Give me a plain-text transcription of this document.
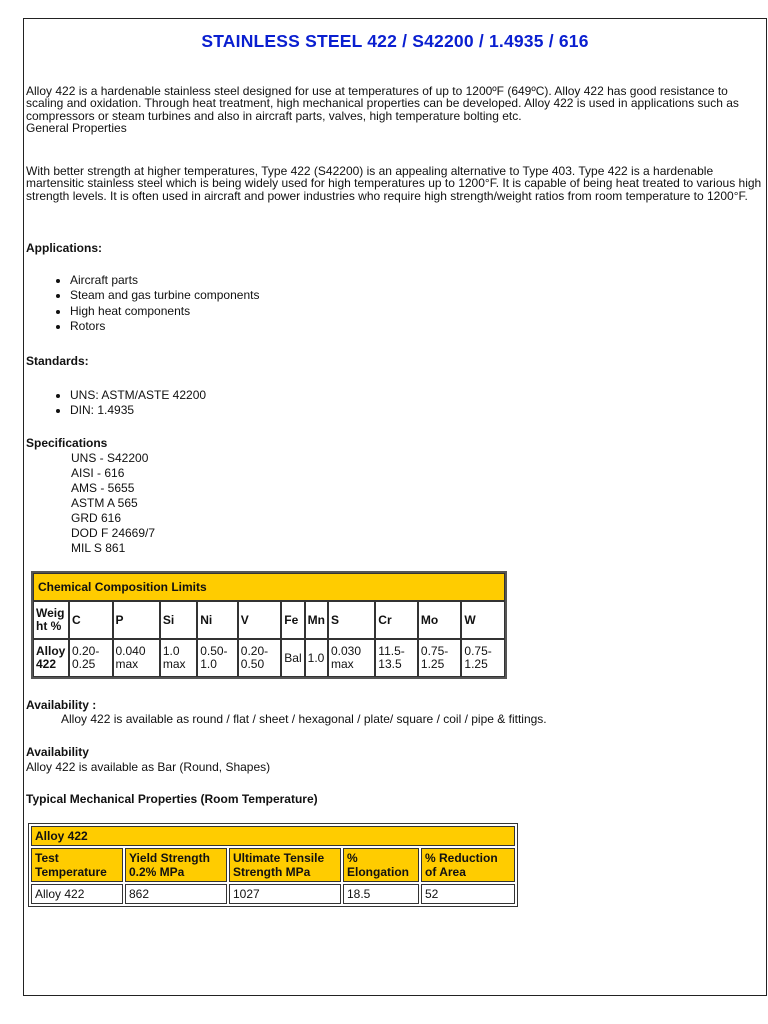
STAINLESS STEEL 422 / S42200 / 1.4935 / 616

Alloy 422 is a hardenable stainless steel designed for use at temperatures of up to 1200ºF (649ºC). Alloy 422 has good resistance to scaling and oxidation. Through heat treatment, high mechanical properties can be developed. Alloy 422 is used in applications such as compressors or steam turbines and also in aircraft parts, valves, high temperature bolting etc.
General Properties

With better strength at higher temperatures, Type 422 (S42200) is an appealing alternative to Type 403. Type 422 is a hardenable martensitic stainless steel which is being widely used for high temperatures up to 1200°F. It is capable of being heat treated to various high strength levels. It is often used in aircraft and power industries who require high strength/weight ratios from room temperature to 1200°F.

Applications:

• Aircraft parts
• Steam and gas turbine components
• High heat components
• Rotors

Standards:

• UNS: ASTM/ASTE 42200
• DIN: 1.4935

Specifications

UNS - S42200
AISI - 616
AMS - 5655
ASTM A 565
GRD 616
DOD F 24669/7
MIL S 861
Chemical Composition Limits											
Weig ht %	C	P	Si	Ni	V	Fe	Mn	S	Cr	Mo	W
Alloy 422	0.20-0.25	0.040 max	1.0 max	0.50-1.0	0.20-0.50	Bal	1.0	0.030 max	11.5-13.5	0.75-1.25	0.75-1.25

Availability :

Alloy 422 is available as round / flat / sheet / hexagonal / plate/ square / coil / pipe & fittings.

Availability

Alloy 422 is available as Bar (Round, Shapes)

Typical Mechanical Properties (Room Temperature)

Alloy 422				
Test Temperature	Yield Strength 0.2% MPa	Ultimate Tensile Strength MPa	% Elongation	% Reduction of Area
Alloy 422	862	1027	18.5	52
